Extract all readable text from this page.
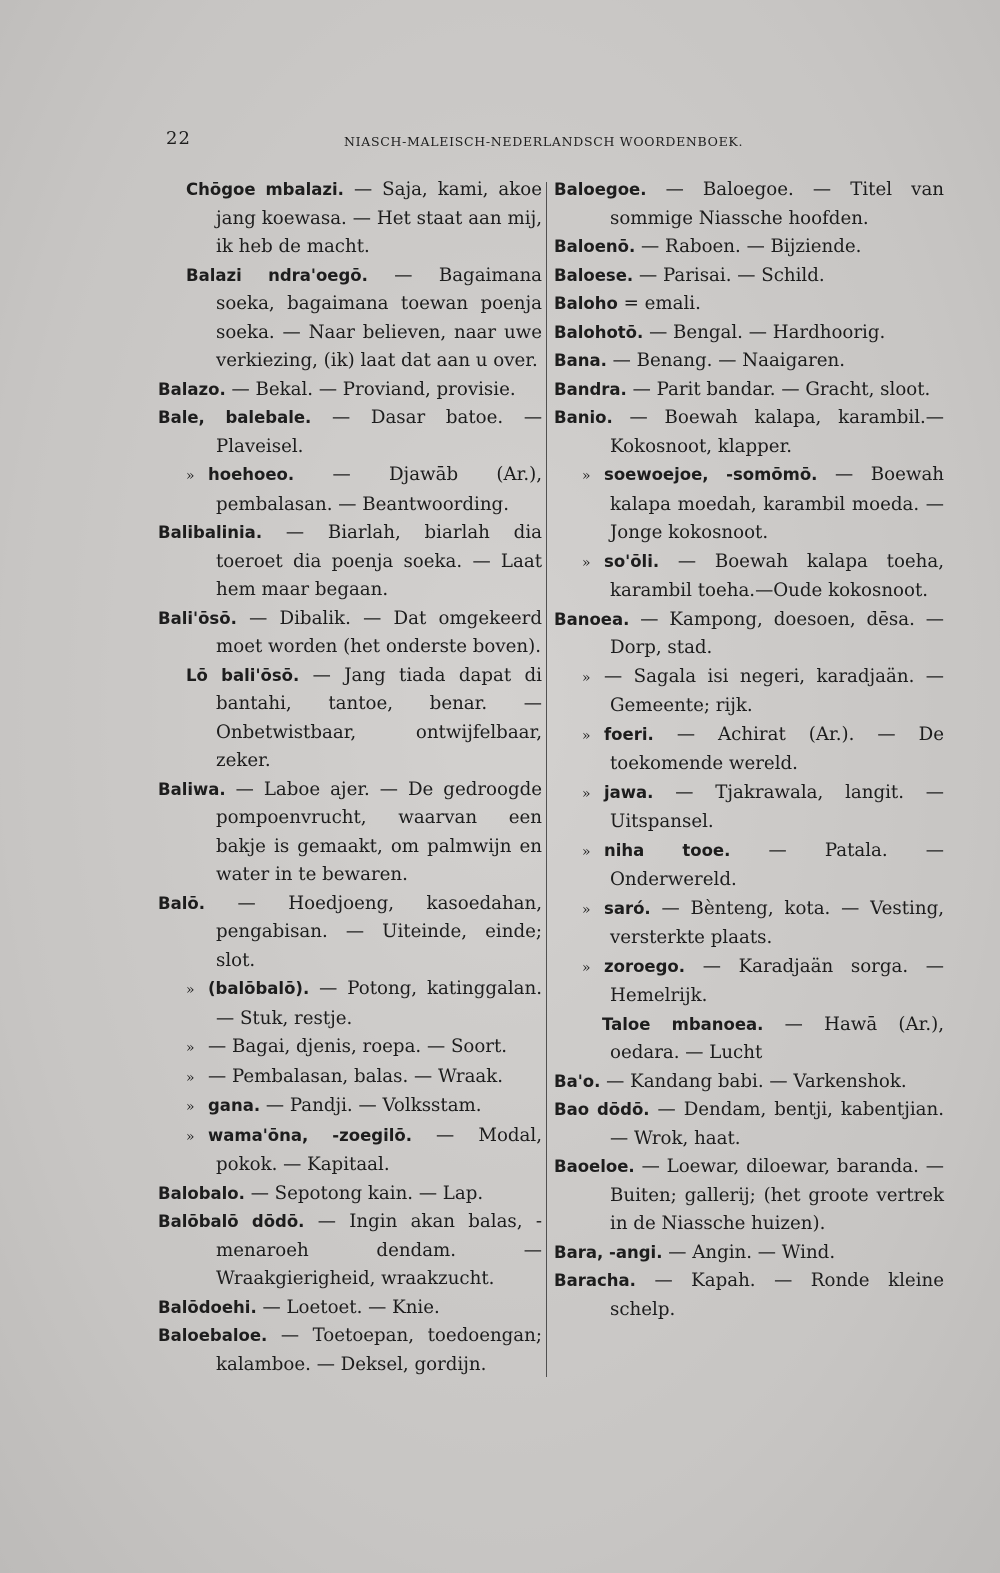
22	NIASCH-MALEISCH-NEDERLANDSCH WOORDENBOEK.

Chōgoe mbalazi. — Saja, kami, akoe jang koewasa. — Het staat aan mij, ik heb de macht.

Balazi ndra'oegō. — Bagaimana soeka, bagaimana toewan poenja soeka. — Naar believen, naar uwe verkiezing, (ik) laat dat aan u over.

Balazo. — Bekal. — Proviand, provisie.

Bale, balebale. — Dasar batoe. — Plaveisel.

» hoehoeo. — Djawāb (Ar.), pembalasan. — Beantwoording.

Balibalinia. — Biarlah, biarlah dia toeroet dia poenja soeka. — Laat hem maar begaan.

Bali'ōsō. — Dibalik. — Dat omgekeerd moet worden (het onderste boven).

Lō bali'ōsō. — Jang tiada dapat di bantahi, tantoe, benar. — Onbetwistbaar, ontwijfelbaar, zeker.

Baliwa. — Laboe ajer. — De gedroogde pompoenvrucht, waarvan een bakje is gemaakt, om palmwijn en water in te bewaren.

Balō. — Hoedjoeng, kasoedahan, pengabisan. — Uiteinde, einde; slot.

» (balōbalō). — Potong, katinggalan. — Stuk, restje.

» — Bagai, djenis, roepa. — Soort.

» — Pembalasan, balas. — Wraak.

» gana. — Pandji. — Volksstam.

» wama'ōna, -zoegilō. — Modal, pokok. — Kapitaal.

Balobalo. — Sepotong kain. — Lap.

Balōbalō dōdō. — Ingin akan balas, -menaroeh dendam. — Wraakgierigheid, wraakzucht.

Balōdoehi. — Loetoet. — Knie.

Baloebaloe. — Toetoepan, toedoengan; kalamboe. — Deksel, gordijn.

Baloegoe. — Baloegoe. — Titel van sommige Niassche hoofden.

Baloenō. — Raboen. — Bijziende.

Baloese. — Parisai. — Schild.

Baloho = emali.

Balohotō. — Bengal. — Hardhoorig.

Bana. — Benang. — Naaigaren.

Bandra. — Parit bandar. — Gracht, sloot.

Banio. — Boewah kalapa, karambil.— Kokosnoot, klapper.

» soewoejoe, -somōmō. — Boewah kalapa moedah, karambil moeda. — Jonge kokosnoot.

» so'ōli. — Boewah kalapa toeha, karambil toeha.—Oude kokosnoot.

Banoea. — Kampong, doesoen, dēsa. — Dorp, stad.

» — Sagala isi negeri, karadjaän. — Gemeente; rijk.

» foeri. — Achirat (Ar.). — De toekomende wereld.

» jawa. — Tjakrawala, langit. — Uitspansel.

» niha tooe. — Patala. — Onderwereld.

» saró. — Bènteng, kota. — Vesting, versterkte plaats.

» zoroego. — Karadjaän sorga. — Hemelrijk.

Taloe mbanoea. — Hawā (Ar.), oedara. — Lucht

Ba'o. — Kandang babi. — Varkenshok.

Bao dōdō. — Dendam, bentji, kabentjian. — Wrok, haat.

Baoeloe. — Loewar, diloewar, baranda. — Buiten; gallerij; (het groote vertrek in de Niassche huizen).

Bara, -angi. — Angin. — Wind.

Baracha. — Kapah. — Ronde kleine schelp.
